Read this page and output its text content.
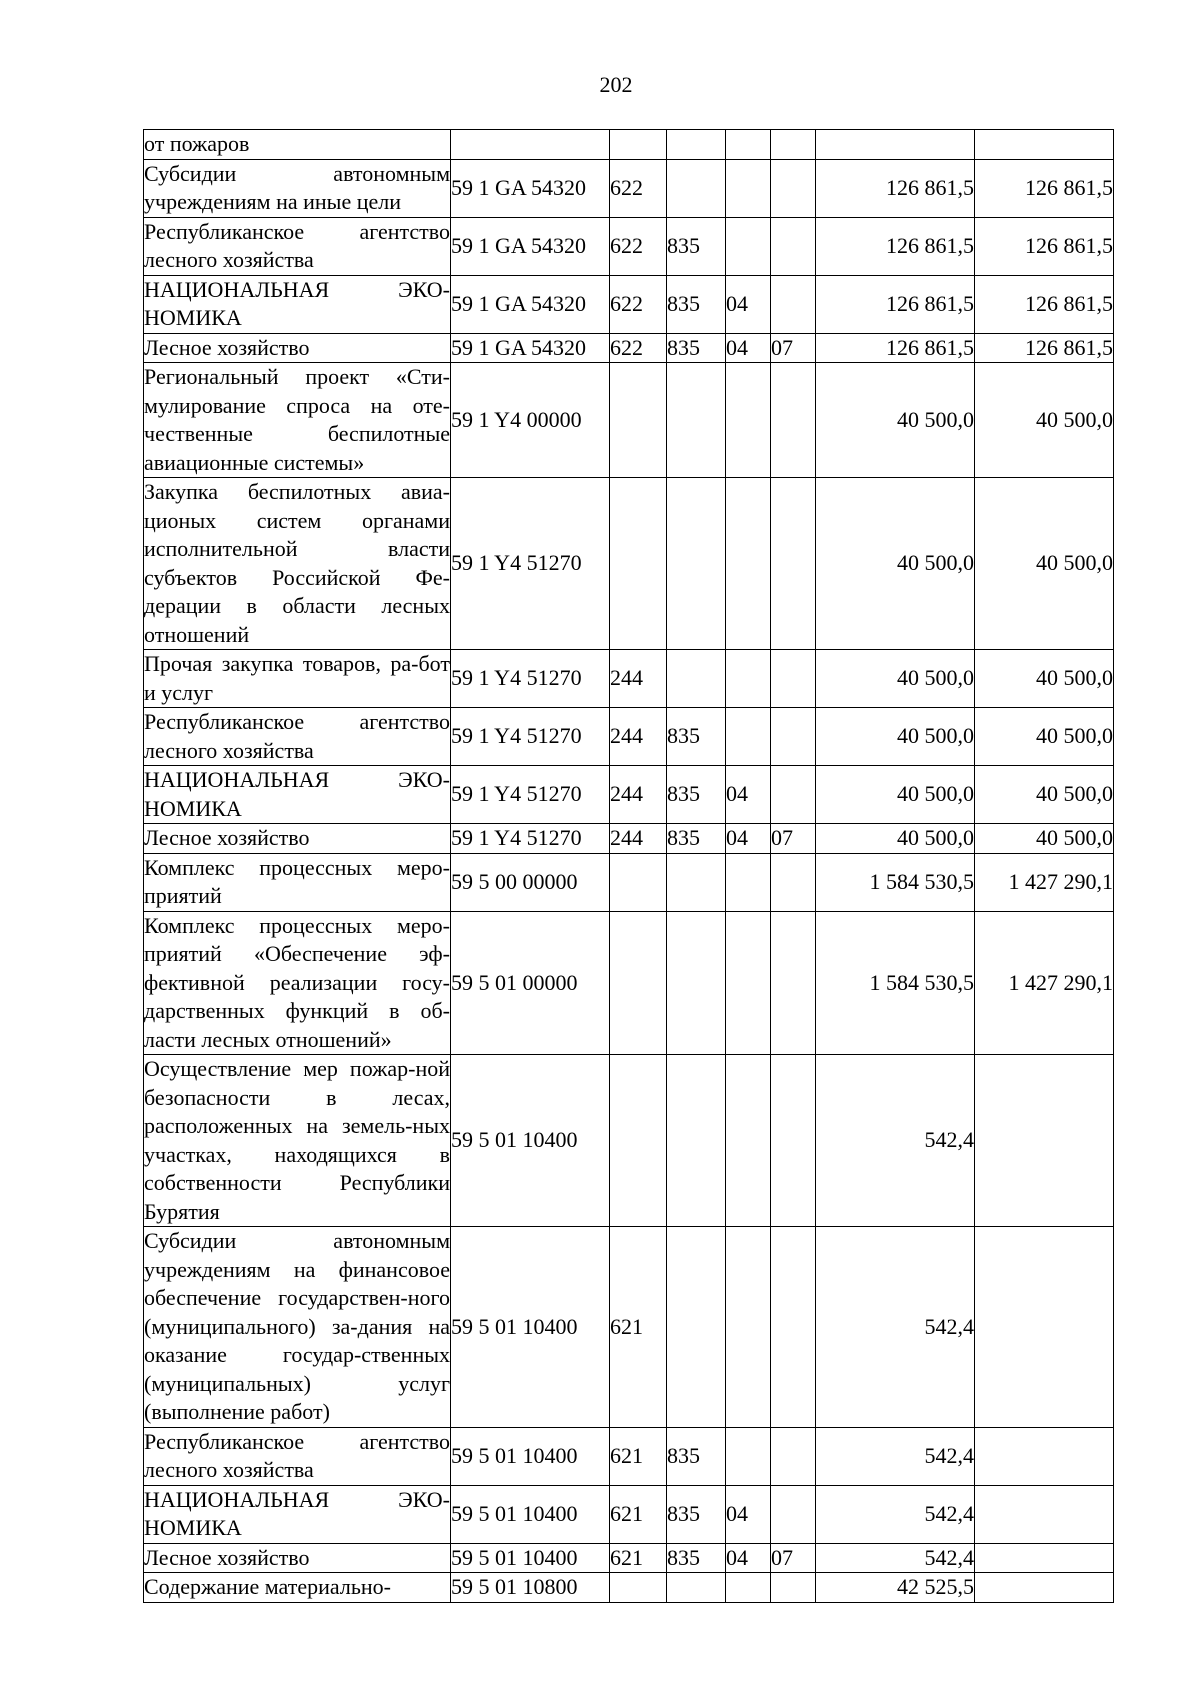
202
от пожаров							
Субсидии автономным учреждениям на иные цели	59 1 GA 54320	622				126 861,5	126 861,5
Республиканское агентство лесного хозяйства	59 1 GA 54320	622	835			126 861,5	126 861,5
НАЦИОНАЛЬНАЯ ЭКО-НОМИКА	59 1 GA 54320	622	835	04		126 861,5	126 861,5
Лесное хозяйство	59 1 GA 54320	622	835	04	07	126 861,5	126 861,5
Региональный проект «Сти-мулирование спроса на оте-чественные беспилотные авиационные системы»	59 1 Y4 00000					40 500,0	40 500,0
Закупка беспилотных авиа-ционых систем органами исполнительной власти субъектов Российской Фе-дерации в области лесных отношений	59 1 Y4 51270					40 500,0	40 500,0
Прочая закупка товаров, ра-бот и услуг	59 1 Y4 51270	244				40 500,0	40 500,0
Республиканское агентство лесного хозяйства	59 1 Y4 51270	244	835			40 500,0	40 500,0
НАЦИОНАЛЬНАЯ ЭКО-НОМИКА	59 1 Y4 51270	244	835	04		40 500,0	40 500,0
Лесное хозяйство	59 1 Y4 51270	244	835	04	07	40 500,0	40 500,0
Комплекс процессных меро-приятий	59 5 00 00000					1 584 530,5	1 427 290,1
Комплекс процессных меро-приятий «Обеспечение эф-фективной реализации госу-дарственных функций в об-ласти лесных отношений»	59 5 01 00000					1 584 530,5	1 427 290,1
Осуществление мер пожар-ной безопасности в лесах, расположенных на земель-ных участках, находящихся в собственности Республики Бурятия	59 5 01 10400					542,4	
Субсидии автономным учреждениям на финансовое обеспечение государствен-ного (муниципального) за-дания на оказание государ-ственных (муниципальных) услуг (выполнение работ)	59 5 01 10400	621				542,4	
Республиканское агентство лесного хозяйства	59 5 01 10400	621	835			542,4	
НАЦИОНАЛЬНАЯ ЭКО-НОМИКА	59 5 01 10400	621	835	04		542,4	
Лесное хозяйство	59 5 01 10400	621	835	04	07	542,4	
Содержание материально-	59 5 01 10800					42 525,5	
